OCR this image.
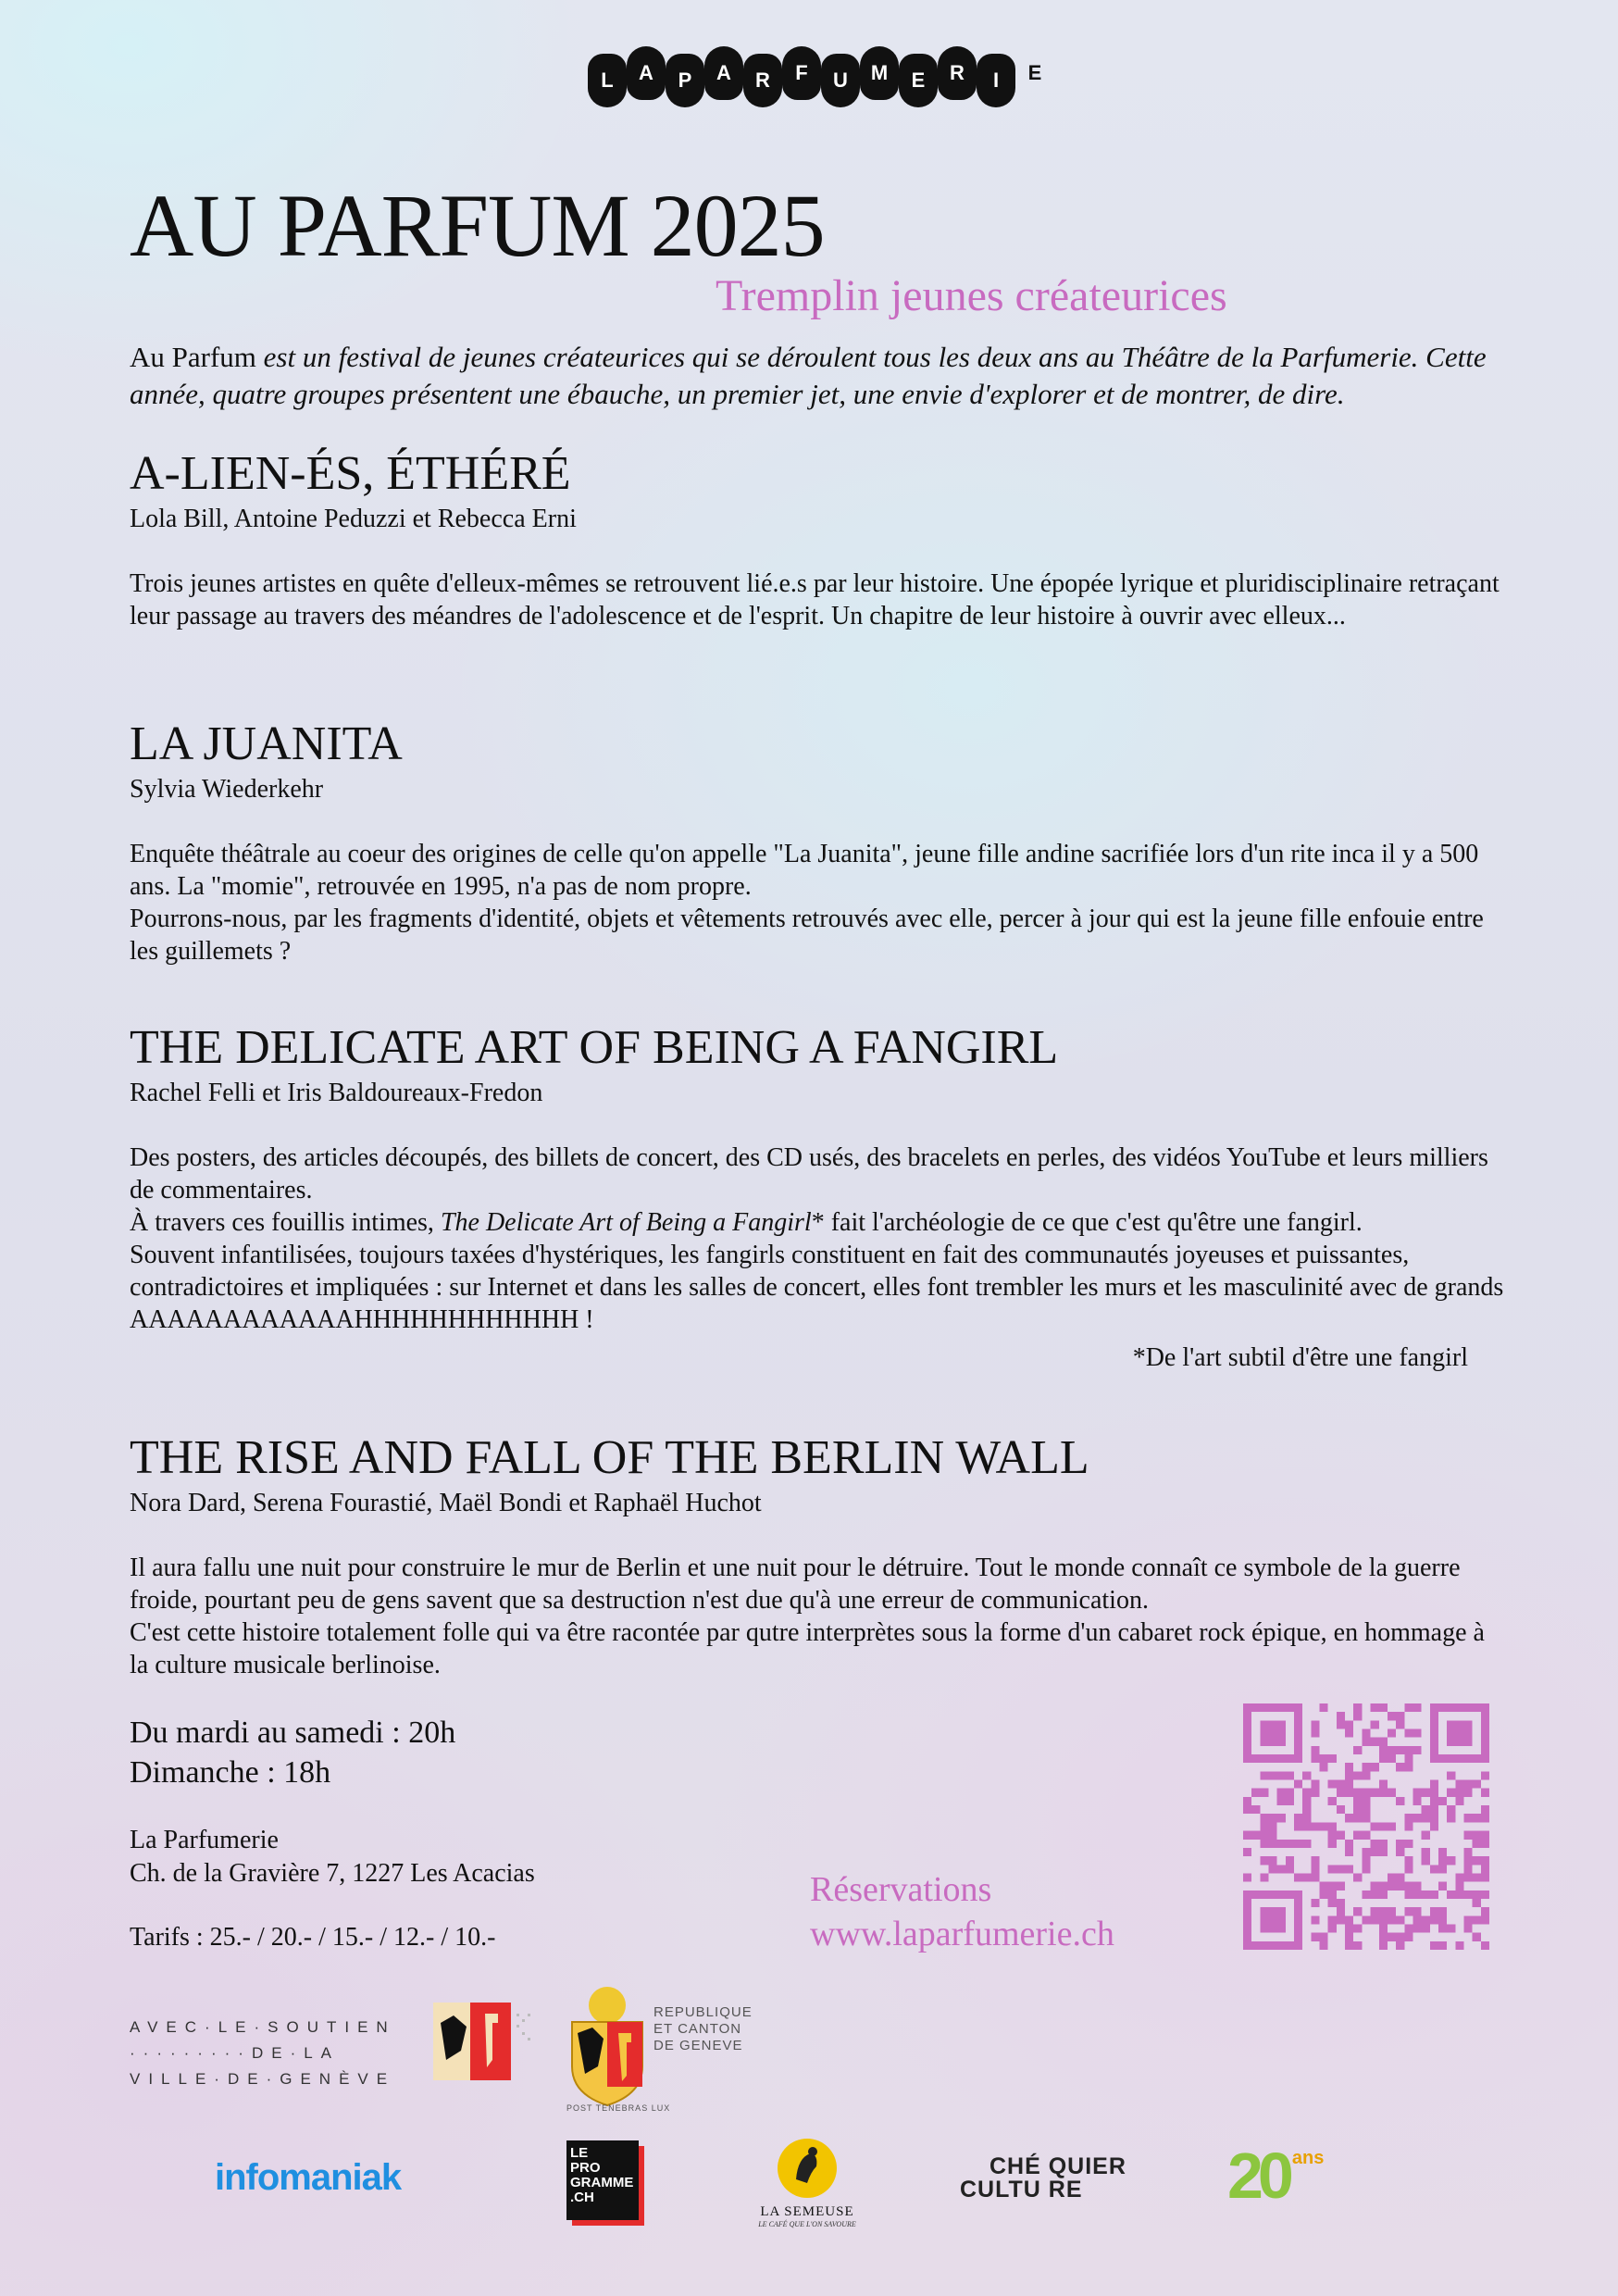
L	A	P	A	R	F	U	M	E	R	I	E
AU PARFUM 2025
Tremplin jeunes créateurices
Au Parfum est un festival de jeunes créateurices qui se déroulent tous les deux ans au Théâtre de la Parfumerie. Cette année, quatre groupes présentent une ébauche, un premier jet, une envie d'explorer et de montrer, de dire.
A-LIEN-ÉS, ÉTHÉRÉ
Lola Bill, Antoine Peduzzi et Rebecca Erni

Trois jeunes artistes en quête d'elleux-mêmes se retrouvent lié.e.s par leur histoire. Une épopée lyrique et pluridisciplinaire retraçant leur passage au travers des méandres de l'adolescence et de l'esprit. Un chapitre de leur histoire à ouvrir avec elleux...

LA JUANITA
Sylvia Wiederkehr

Enquête théâtrale au coeur des origines de celle qu'on appelle "La Juanita", jeune fille andine sacrifiée lors d'un rite inca il y a 500 ans. La "momie", retrouvée en 1995, n'a pas de nom propre.

Pourrons-nous, par les fragments d'identité, objets et vêtements retrouvés avec elle, percer à jour qui est la jeune fille enfouie entre les guillemets ?

THE DELICATE ART OF BEING A FANGIRL
Rachel Felli et Iris Baldoureaux-Fredon

Des posters, des articles découpés, des billets de concert, des CD usés, des bracelets en perles, des vidéos YouTube et leurs milliers de commentaires.

À travers ces fouillis intimes, The Delicate Art of Being a Fangirl* fait l'archéologie de ce que c'est qu'être une fangirl.

Souvent infantilisées, toujours taxées d'hystériques, les fangirls constituent en fait des communautés joyeuses et puissantes, contradictoires et impliquées : sur Internet et dans les salles de concert, elles font trembler les murs et les masculinité avec de grands AAAAAAAAAAAAHHHHHHHHHHHH !

*De l'art subtil d'être une fangirl
THE RISE AND FALL OF THE BERLIN WALL
Nora Dard, Serena Fourastié, Maël Bondi et Raphaël Huchot

Il aura fallu une nuit pour construire le mur de Berlin et une nuit pour le détruire. Tout le monde connaît ce symbole de la guerre froide, pourtant peu de gens savent que sa destruction n'est due qu'à une erreur de communication.

C'est cette histoire totalement folle qui va être racontée par qutre interprètes sous la forme d'un cabaret rock épique, en hommage à la culture musicale berlinoise.

Du mardi au samedi : 20h
Dimanche : 18h
La Parfumerie
Ch. de la Gravière 7, 1227 Les Acacias
Tarifs : 25.- / 20.- / 15.- / 12.- / 10.-
Réservations
www.laparfumerie.ch
AVEC·LE·SOUTIEN
·········DE·LA
VILLE·DE·GENÈVE
REPUBLIQUE
ET CANTON
DE GENEVE
POST TENEBRAS LUX
infomaniak
LE
PRO
GRAMME
.CH
LA SEMEUSE
LE CAFÉ QUE L'ON SAVOURE
CHÉ QUIER
CULTU RE	20 ans
